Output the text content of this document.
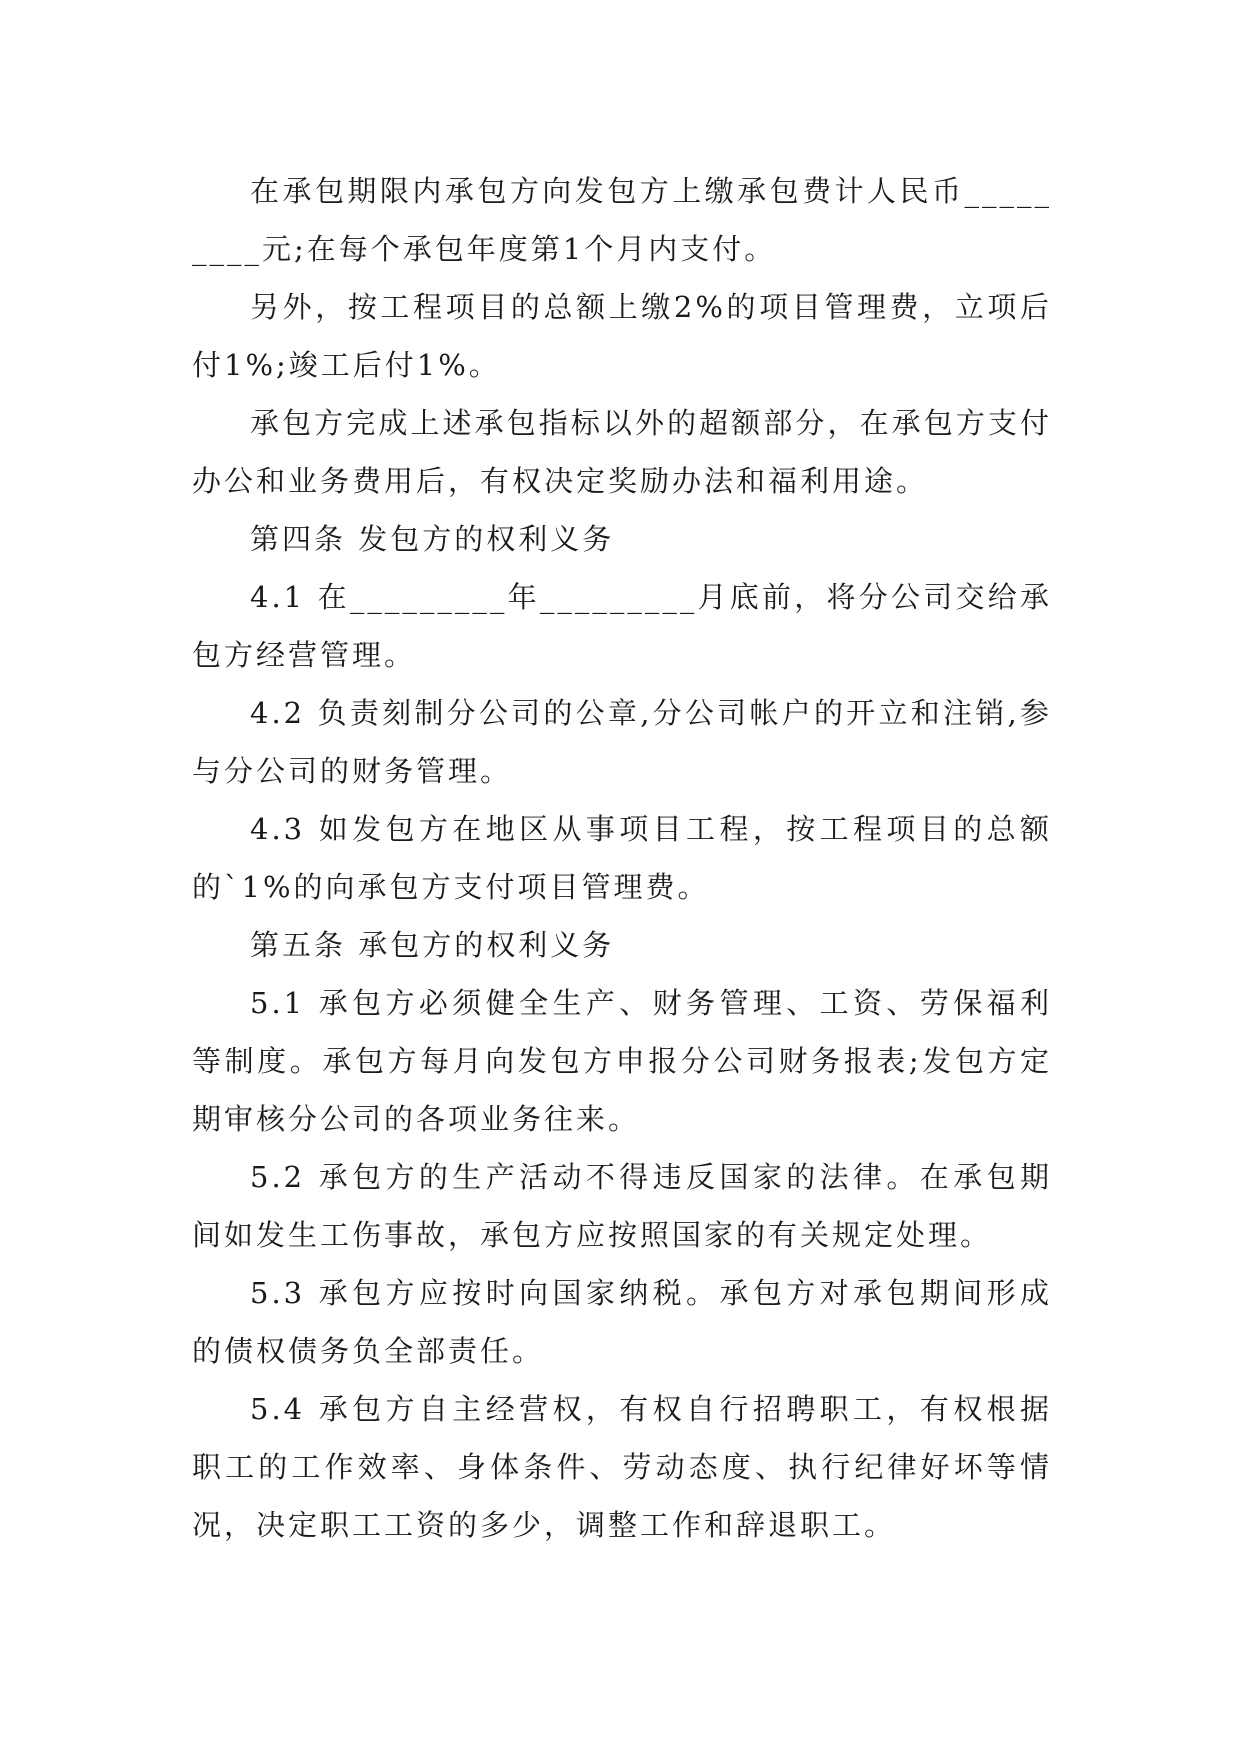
在承包期限内承包方向发包方上缴承包费计人民币_________元;在每个承包年度第1个月内支付。

另外，按工程项目的总额上缴2%的项目管理费，立项后付1%;竣工后付1%。

承包方完成上述承包指标以外的超额部分，在承包方支付办公和业务费用后，有权决定奖励办法和福利用途。

第四条 发包方的权利义务

4.1 在_________年_________月底前，将分公司交给承包方经营管理。

4.2 负责刻制分公司的公章,分公司帐户的开立和注销,参与分公司的财务管理。

4.3 如发包方在地区从事项目工程，按工程项目的总额的`1%的向承包方支付项目管理费。

第五条 承包方的权利义务

5.1 承包方必须健全生产、财务管理、工资、劳保福利等制度。承包方每月向发包方申报分公司财务报表;发包方定期审核分公司的各项业务往来。

5.2 承包方的生产活动不得违反国家的法律。在承包期间如发生工伤事故，承包方应按照国家的有关规定处理。

5.3 承包方应按时向国家纳税。承包方对承包期间形成的债权债务负全部责任。

5.4 承包方自主经营权，有权自行招聘职工，有权根据职工的工作效率、身体条件、劳动态度、执行纪律好坏等情况，决定职工工资的多少，调整工作和辞退职工。
